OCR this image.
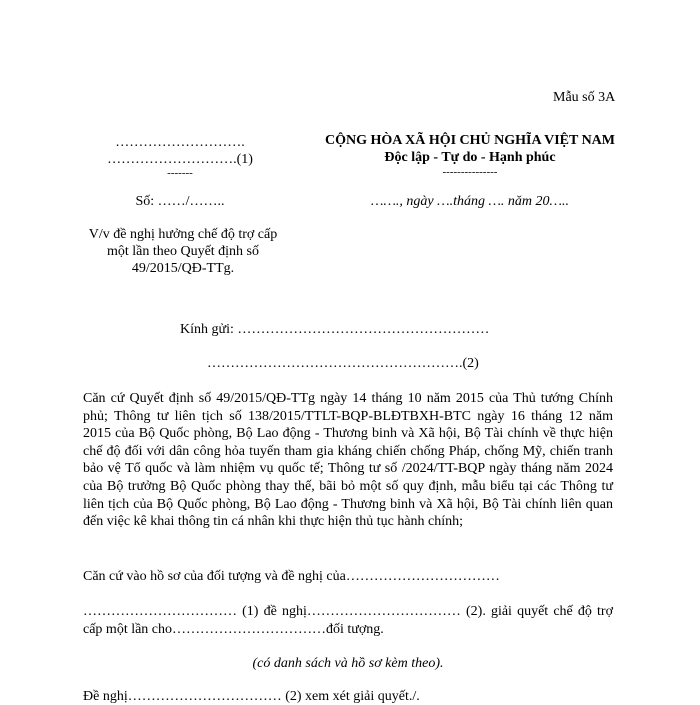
Mẫu số 3A
……………………….
……………………….(1)
-------
Số: ……/……..
CỘNG HÒA XÃ HỘI CHỦ NGHĨA VIỆT NAM
Độc lập - Tự do - Hạnh phúc
---------------
……., ngày ….tháng …. năm 20…..
V/v đề nghị hưởng chế độ trợ cấp
một lần theo Quyết định số
49/2015/QĐ-TTg.
Kính gửi: ………………………………………………
……………………………………………….(2)
Căn cứ Quyết định số 49/2015/QĐ-TTg ngày 14 tháng 10 năm 2015 của Thủ tướng Chính phủ; Thông tư liên tịch số 138/2015/TTLT-BQP-BLĐTBXH-BTC ngày 16 tháng 12 năm 2015 của Bộ Quốc phòng, Bộ Lao động - Thương binh và Xã hội, Bộ Tài chính về thực hiện chế độ đối với dân công hỏa tuyến tham gia kháng chiến chống Pháp, chống Mỹ, chiến tranh bảo vệ Tổ quốc và làm nhiệm vụ quốc tế; Thông tư số /2024/TT-BQP ngày tháng năm 2024 của Bộ trưởng Bộ Quốc phòng thay thế, bãi bỏ một số quy định, mẫu biểu tại các Thông tư liên tịch của Bộ Quốc phòng, Bộ Lao động - Thương binh và Xã hội, Bộ Tài chính liên quan đến việc kê khai thông tin cá nhân khi thực hiện thủ tục hành chính;
Căn cứ vào hồ sơ của đối tượng và đề nghị của……………………………
…………………………… (1) đề nghị…………………………… (2). giải quyết chế độ trợ cấp một lần cho……………………………đối tượng.
(có danh sách và hồ sơ kèm theo).
Đề nghị…………………………… (2) xem xét giải quyết./.
